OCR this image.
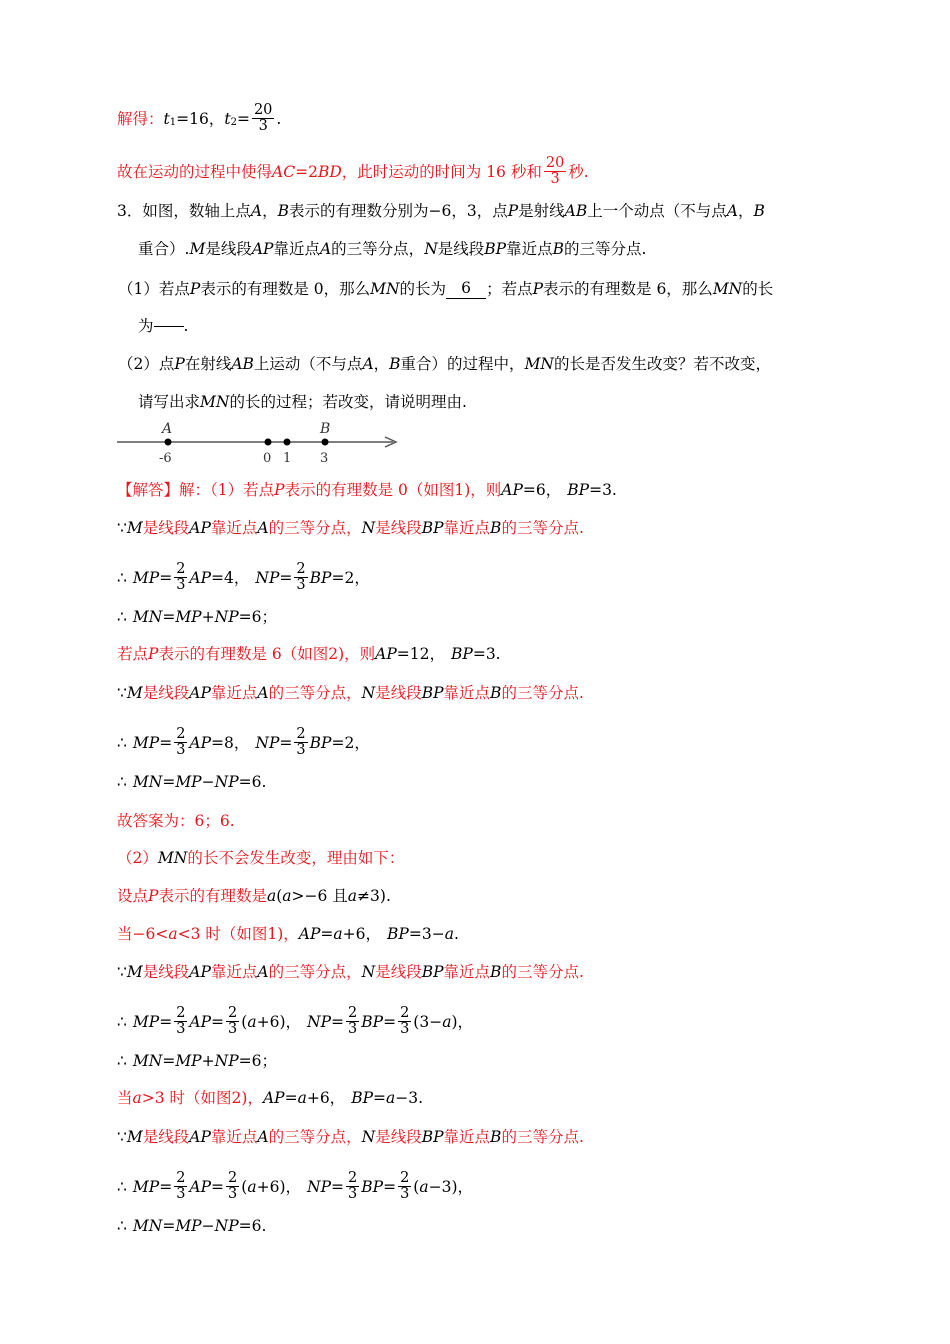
解得： t 1 =16， t $2 = \frac{20}{3}$ .
故在运动的过程中使得 AC =2 BD ，此时运动的时间为 16 秒和 $\frac{20}{3}$ 秒.
3．如图，数轴上点 A ， B 表示的有理数分别为−6，3，点 P 是射线 AB 上一个动点（不与点 A ， B
重合）. M 是线段 AP 靠近点 A 的三等分点， N 是线段 BP 靠近点 B 的三等分点.
（1）若点 P 表示的有理数是 0，那么 MN 的长为 6 ；若点 P 表示的有理数是 6，那么 MN 的长
为 .
（2）点 P 在射线 AB 上运动（不与点 A ， B 重合）的过程中， MN 的长是否发生改变？若不改变，
请写出求 MN 的长的过程；若改变，请说明理由.
A	B
-6	0 1 3
【解答】解：（1）若点 P 表示的有理数是 0（如图1)，则 AP =6， BP =3.
∵ M 是线段 AP 靠近点 A 的三等分点， N 是线段 BP 靠近点 B 的三等分点.
∴ MP = $\frac{2}{3}$ AP =4， NP = $\frac{2}{3}$ BP =2，
∴ MN = MP + NP =6；
若点 P 表示的有理数是 6（如图2)，则 AP =12， BP =3.
∵ M 是线段 AP 靠近点 A 的三等分点， N 是线段 BP 靠近点 B 的三等分点.
∴ MP = $\frac{2}{3}$ AP =8， NP = $\frac{2}{3}$ BP =2，
∴ MN = MP − NP =6.
故答案为：6；6.
（2） MN 的长不会发生改变，理由如下：
设点 P 表示的有理数是 a ( a >−6 且 a ≠3).
当−6< a <3 时（如图1)， AP = a +6， BP =3− a .
∵ M 是线段 AP 靠近点 A 的三等分点， N 是线段 BP 靠近点 B 的三等分点.
∴ MP = $\frac{2}{3}$ AP = $\frac{2}{3}$ ( a +6)， NP = $\frac{2}{3}$ BP = $\frac{2}{3} (3- a$ )，
∴ MN = MP + NP =6；
当 a >3 时（如图2)， AP = a +6， BP = a −3.
∵ M 是线段 AP 靠近点 A 的三等分点， N 是线段 BP 靠近点 B 的三等分点.
∴ MP = $\frac{2}{3}$ AP = $\frac{2}{3}$ ( a +6)， NP = $\frac{2}{3}$ BP = $\frac{2}{3}$ ( a −3)，
∴ MN = MP − NP =6.
